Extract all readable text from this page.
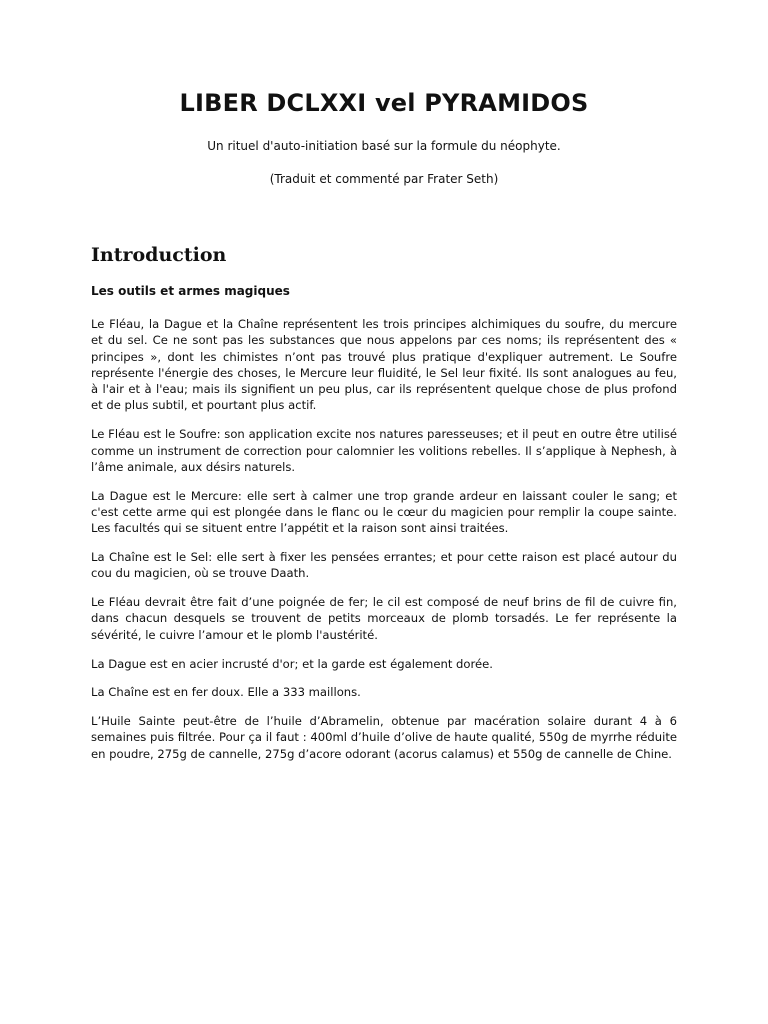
LIBER DCLXXI vel PYRAMIDOS

Un rituel d'auto-initiation basé sur la formule du néophyte.

(Traduit et commenté par Frater Seth)

Introduction
Les outils et armes magiques

Le Fléau, la Dague et la Chaîne représentent les trois principes alchimiques du soufre, du mercure et du sel. Ce ne sont pas les substances que nous appelons par ces noms; ils représentent des « principes », dont les chimistes n’ont pas trouvé plus pratique d'expliquer autrement. Le Soufre représente l'énergie des choses, le Mercure leur fluidité, le Sel leur fixité. Ils sont analogues au feu, à l'air et à l'eau; mais ils signifient un peu plus, car ils représentent quelque chose de plus profond et de plus subtil, et pourtant plus actif.

Le Fléau est le Soufre: son application excite nos natures paresseuses; et il peut en outre être utilisé comme un instrument de correction pour calomnier les volitions rebelles. Il s’applique à Nephesh, à l’âme animale, aux désirs naturels.

La Dague est le Mercure: elle sert à calmer une trop grande ardeur en laissant couler le sang; et c'est cette arme qui est plongée dans le flanc ou le cœur du magicien pour remplir la coupe sainte. Les facultés qui se situent entre l’appétit et la raison sont ainsi traitées.

La Chaîne est le Sel: elle sert à fixer les pensées errantes; et pour cette raison est placé autour du cou du magicien, où se trouve Daath.

Le Fléau devrait être fait d’une poignée de fer; le cil est composé de neuf brins de fil de cuivre fin, dans chacun desquels se trouvent de petits morceaux de plomb torsadés. Le fer représente la sévérité, le cuivre l’amour et le plomb l'austérité.

La Dague est en acier incrusté d'or; et la garde est également dorée.

La Chaîne est en fer doux. Elle a 333 maillons.

L’Huile Sainte peut-être de l’huile d’Abramelin, obtenue par macération solaire durant 4 à 6 semaines puis filtrée. Pour ça il faut : 400ml d’huile d’olive de haute qualité, 550g de myrrhe réduite en poudre, 275g de cannelle, 275g d’acore odorant (acorus calamus) et 550g de cannelle de Chine.
